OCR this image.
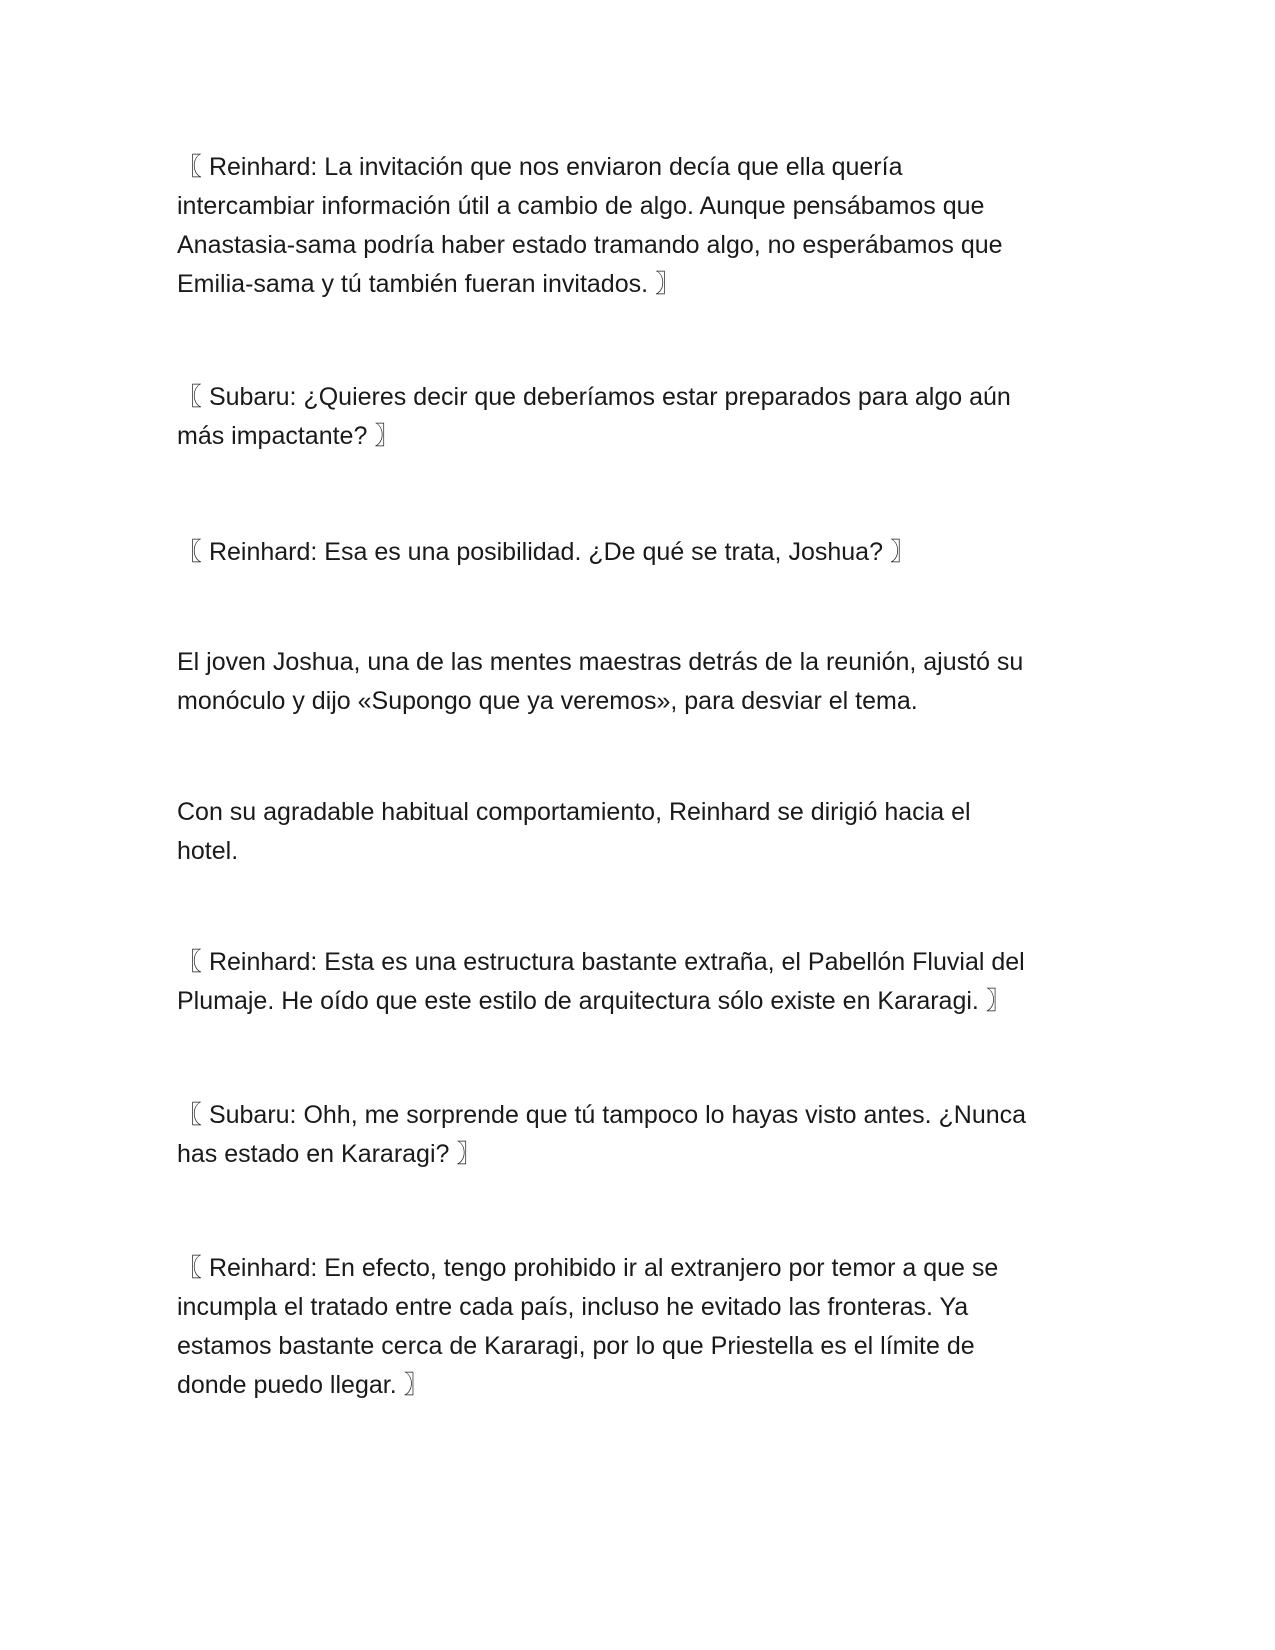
〖 Reinhard: La invitación que nos enviaron decía que ella quería
intercambiar información útil a cambio de algo. Aunque pensábamos que
Anastasia-sama podría haber estado tramando algo, no esperábamos que
Emilia-sama y tú también fueran invitados. 〗

〖 Subaru: ¿Quieres decir que deberíamos estar preparados para algo aún
más impactante? 〗

〖 Reinhard: Esa es una posibilidad. ¿De qué se trata, Joshua? 〗

El joven Joshua, una de las mentes maestras detrás de la reunión, ajustó su
monóculo y dijo «Supongo que ya veremos», para desviar el tema.

Con su agradable habitual comportamiento, Reinhard se dirigió hacia el
hotel.

〖 Reinhard: Esta es una estructura bastante extraña, el Pabellón Fluvial del
Plumaje. He oído que este estilo de arquitectura sólo existe en Kararagi. 〗

〖 Subaru: Ohh, me sorprende que tú tampoco lo hayas visto antes. ¿Nunca
has estado en Kararagi? 〗

〖 Reinhard: En efecto, tengo prohibido ir al extranjero por temor a que se
incumpla el tratado entre cada país, incluso he evitado las fronteras. Ya
estamos bastante cerca de Kararagi, por lo que Priestella es el límite de
donde puedo llegar. 〗
